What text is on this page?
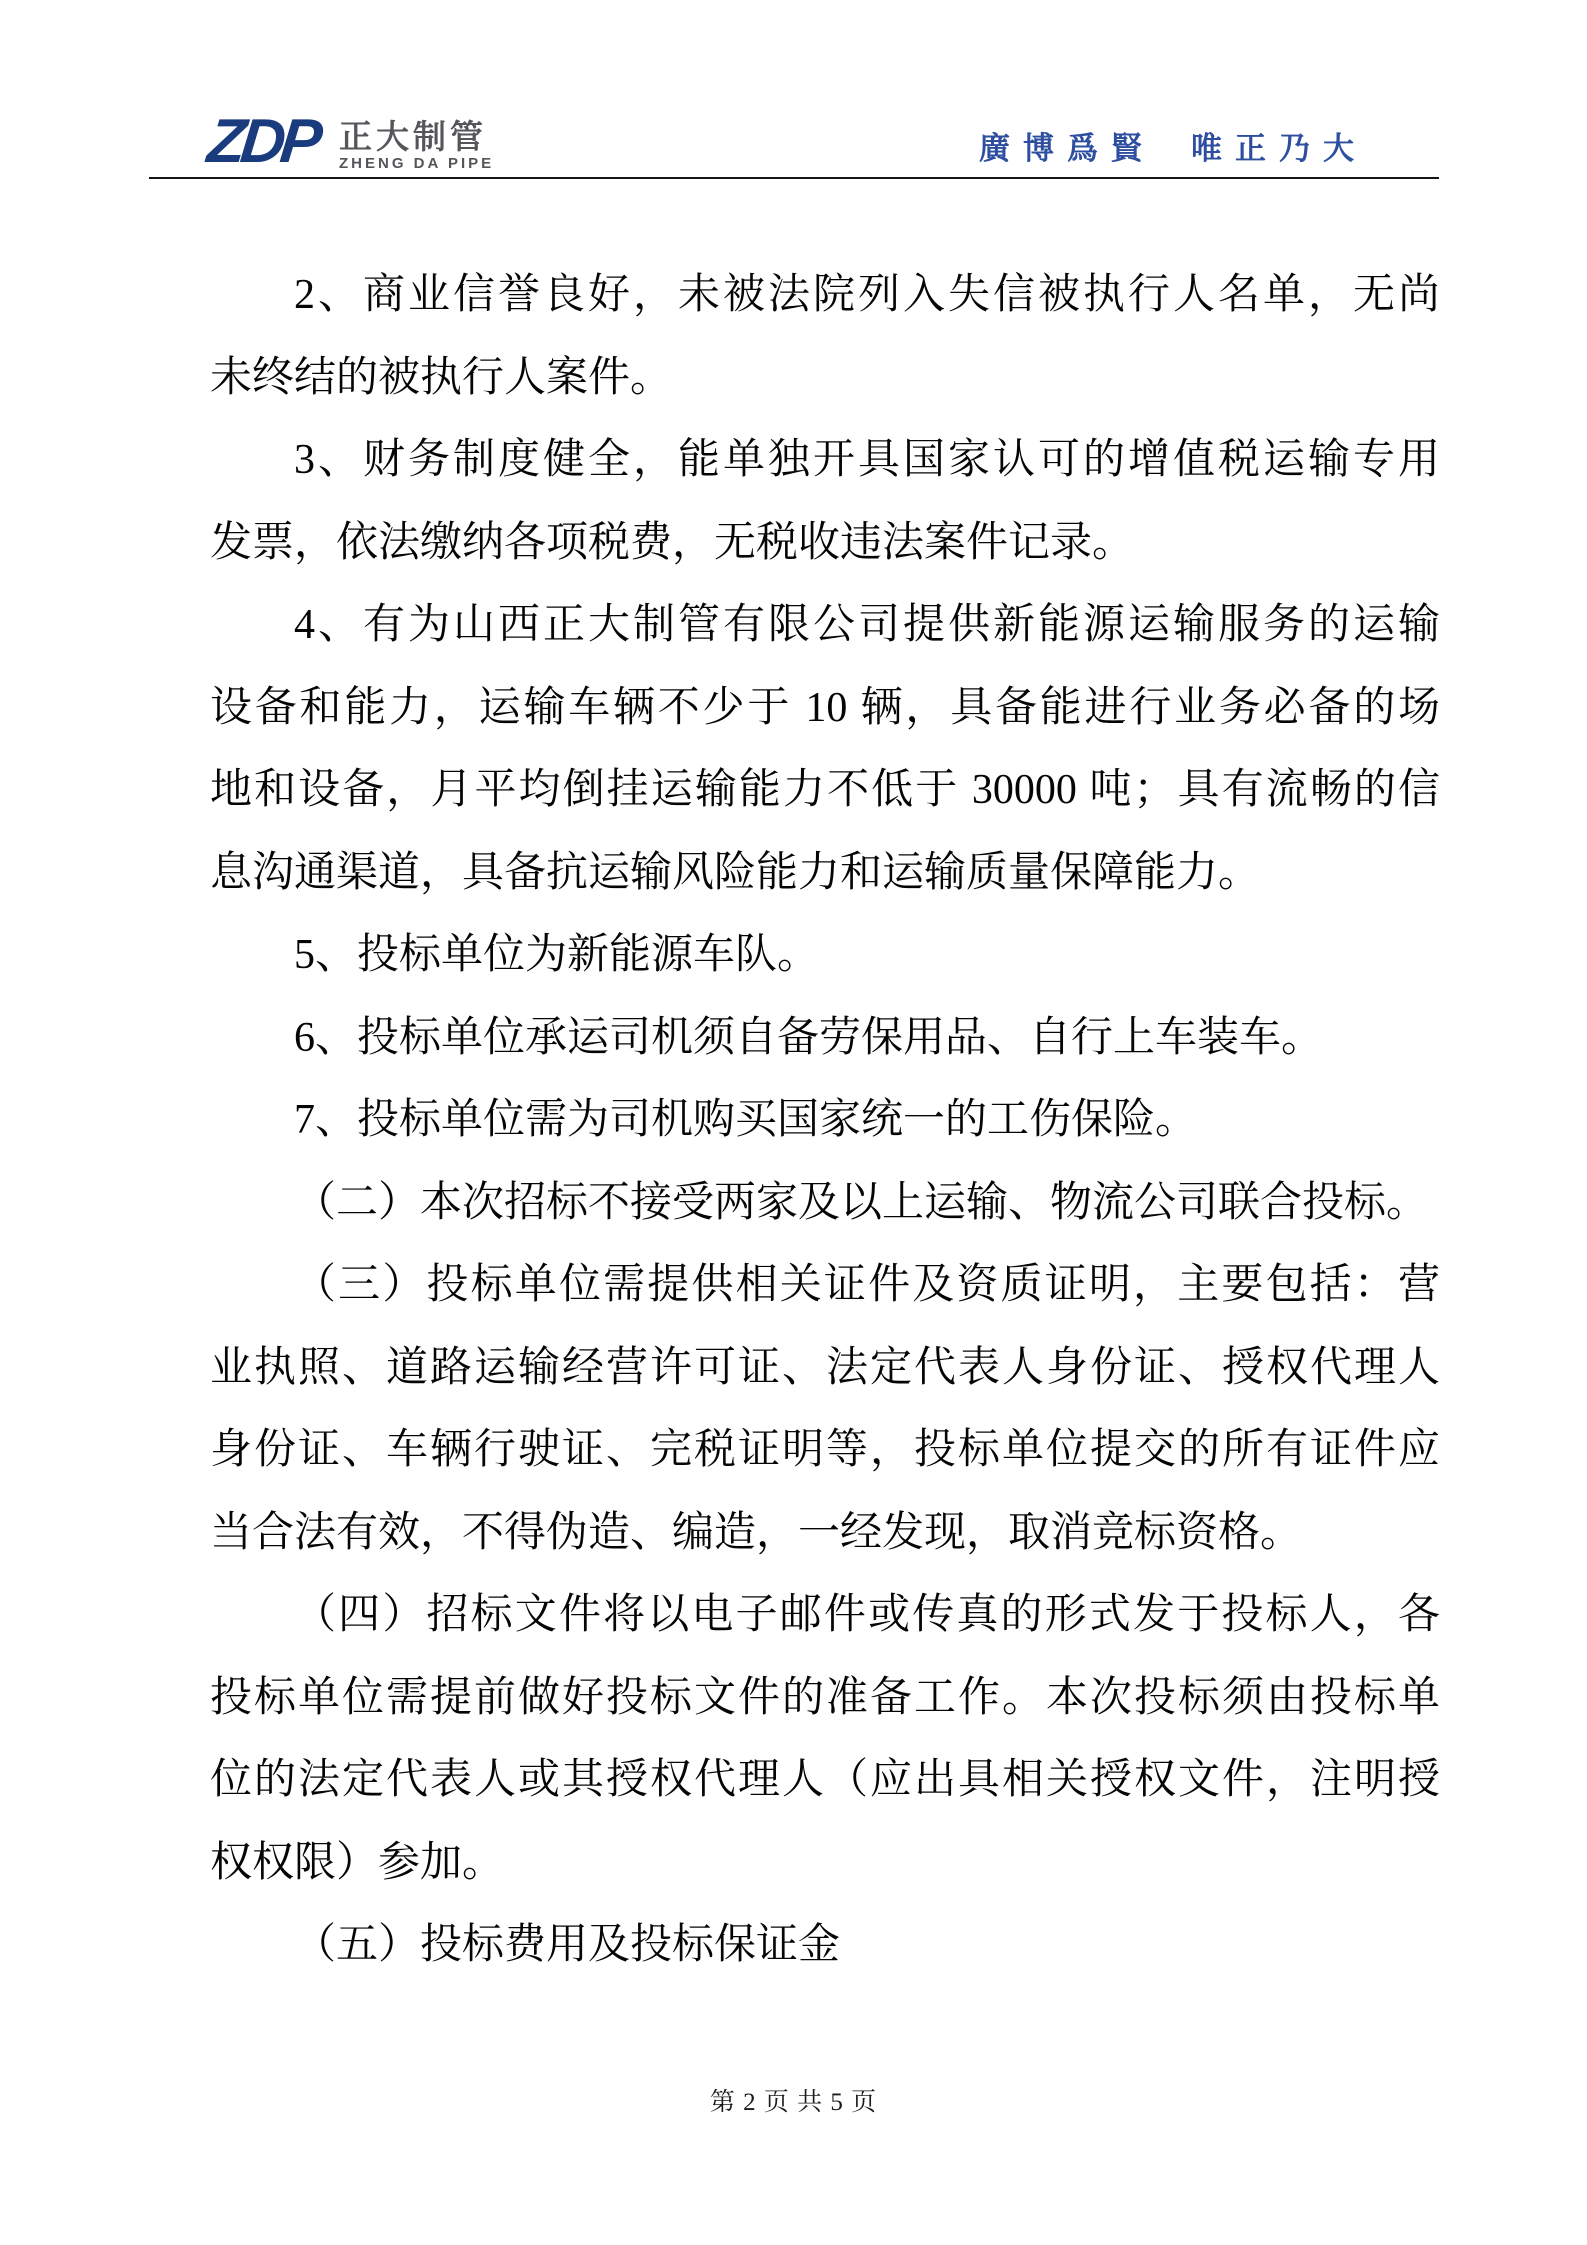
ZDP 正大制管
ZHENG DA PIPE	廣博爲賢 唯正乃大

2、商业信誉良好，未被法院列入失信被执行人名单，无尚

未终结的被执行人案件。

3、财务制度健全，能单独开具国家认可的增值税运输专用

发票，依法缴纳各项税费，无税收违法案件记录。

4、有为山西正大制管有限公司提供新能源运输服务的运输

设备和能力，运输车辆不少于 10 辆，具备能进行业务必备的场

地和设备，月平均倒挂运输能力不低于 30000 吨；具有流畅的信

息沟通渠道，具备抗运输风险能力和运输质量保障能力。

5、投标单位为新能源车队。

6、投标单位承运司机须自备劳保用品、自行上车装车。

7、投标单位需为司机购买国家统一的工伤保险。

（二）本次招标不接受两家及以上运输、物流公司联合投标。

（三）投标单位需提供相关证件及资质证明，主要包括：营

业执照、道路运输经营许可证、法定代表人身份证、授权代理人

身份证、车辆行驶证、完税证明等，投标单位提交的所有证件应

当合法有效，不得伪造、编造，一经发现，取消竞标资格。

（四）招标文件将以电子邮件或传真的形式发于投标人，各

投标单位需提前做好投标文件的准备工作。本次投标须由投标单

位的法定代表人或其授权代理人（应出具相关授权文件，注明授

权权限）参加。

（五）投标费用及投标保证金

第 2 页 共 5 页
